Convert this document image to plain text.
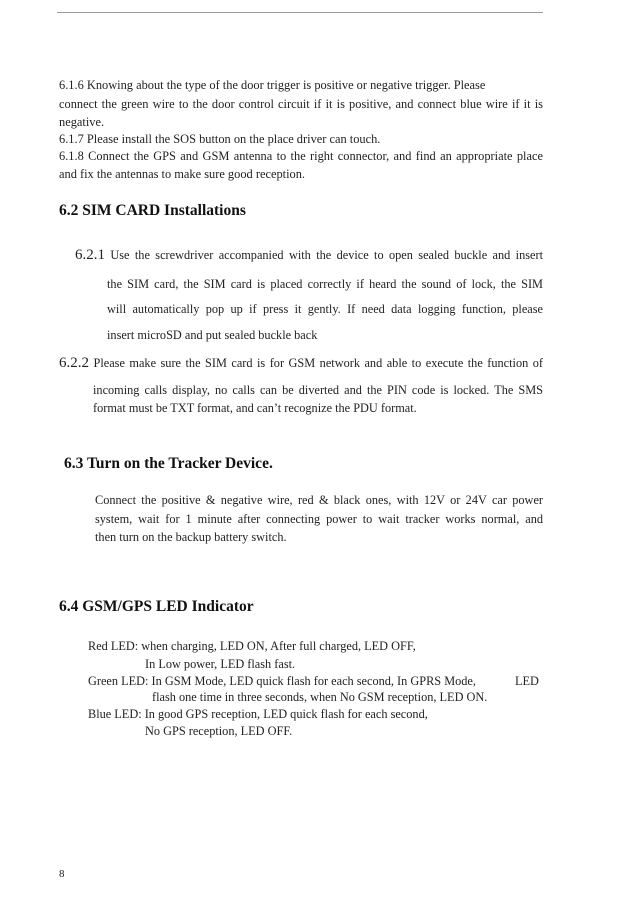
6.1.6 Knowing about the type of the door trigger is positive or negative trigger. Please
connect the green wire to the door control circuit if it is positive, and connect blue wire if it is
negative.
6.1.7 Please install the SOS button on the place driver can touch.
6.1.8 Connect the GPS and GSM antenna to the right connector, and find an appropriate place
and fix the antennas to make sure good reception.
6.2 SIM CARD Installations
6.2.1 Use the screwdriver accompanied with the device to open sealed buckle and insert
the SIM card, the SIM card is placed correctly if heard the sound of lock, the SIM
will automatically pop up if press it gently. If need data logging function, please
insert microSD and put sealed buckle back
6.2.2 Please make sure the SIM card is for GSM network and able to execute the function of
incoming calls display, no calls can be diverted and the PIN code is locked. The SMS
format must be TXT format, and can’t recognize the PDU format.
6.3 Turn on the Tracker Device.
Connect the positive & negative wire, red & black ones, with 12V or 24V car power
system, wait for 1 minute after connecting power to wait tracker works normal, and
then turn on the backup battery switch.
6.4 GSM/GPS LED Indicator
Red LED: when charging, LED ON, After full charged, LED OFF,
In Low power, LED flash fast.
Green LED: In GSM Mode, LED quick flash for each second, In GPRS Mode,	LED
flash one time in three seconds, when No GSM reception, LED ON.
Blue LED: In good GPS reception, LED quick flash for each second,
No GPS reception, LED OFF.
8
